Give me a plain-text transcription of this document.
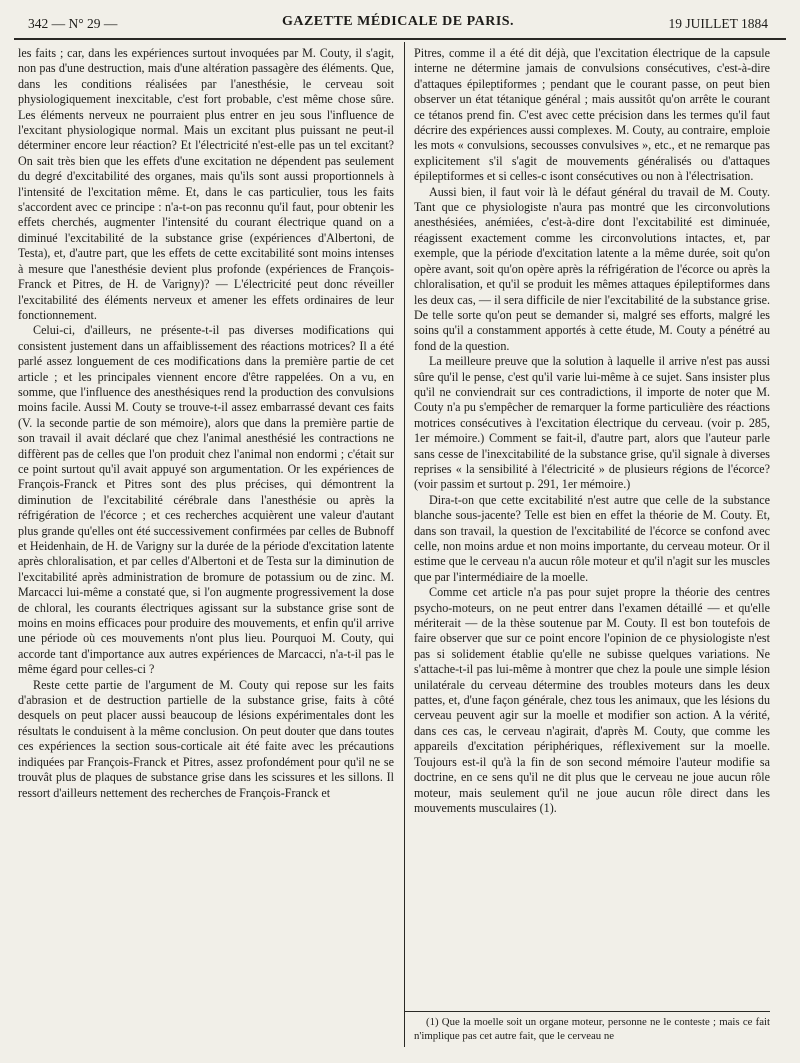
342 — N° 29 —	GAZETTE MÉDICALE DE PARIS.	19 JUILLET 1884

les faits ; car, dans les expériences surtout invoquées par M. Couty, il s'agit, non pas d'une destruction, mais d'une altération passagère des éléments. Que, dans les conditions réalisées par l'anesthésie, le cerveau soit physiologiquement inexcitable, c'est fort probable, c'est même chose sûre. Les éléments nerveux ne pourraient plus entrer en jeu sous l'influence de l'excitant physiologique normal. Mais un excitant plus puissant ne peut-il déterminer encore leur réaction? Et l'électricité n'est-elle pas un tel excitant? On sait très bien que les effets d'une excitation ne dépendent pas seulement du degré d'excitabilité des organes, mais qu'ils sont aussi proportionnels à l'intensité de l'excitation même. Et, dans le cas particulier, tous les faits s'accordent avec ce principe : n'a-t-on pas reconnu qu'il faut, pour obtenir les effets cherchés, augmenter l'intensité du courant électrique quand on a diminué l'excitabilité de la substance grise (expériences d'Albertoni, de Testa), et, d'autre part, que les effets de cette excitabilité sont moins intenses à mesure que l'anesthésie devient plus profonde (expériences de François-Franck et Pitres, de H. de Varigny)? — L'électricité peut donc réveiller l'excitabilité des éléments nerveux et amener les effets ordinaires de leur fonctionnement.

Celui-ci, d'ailleurs, ne présente-t-il pas diverses modifications qui consistent justement dans un affaiblissement des réactions motrices? Il a été parlé assez longuement de ces modifications dans la première partie de cet article ; et les principales viennent encore d'être rappelées. On a vu, en somme, que l'influence des anesthésiques rend la production des convulsions moins facile. Aussi M. Couty se trouve-t-il assez embarrassé devant ces faits (V. la seconde partie de son mémoire), alors que dans la première partie de son travail il avait déclaré que chez l'animal anesthésié les contractions ne diffèrent pas de celles que l'on produit chez l'animal non endormi ; c'était sur ce point surtout qu'il avait appuyé son argumentation. Or les expériences de François-Franck et Pitres sont des plus précises, qui démontrent la diminution de l'excitabilité cérébrale dans l'anesthésie ou après la réfrigération de l'écorce ; et ces recherches acquièrent une valeur d'autant plus grande qu'elles ont été successivement confirmées par celles de Bubnoff et Heidenhain, de H. de Varigny sur la durée de la période d'excitation latente après chloralisation, et par celles d'Albertoni et de Testa sur la diminution de l'excitabilité après administration de bromure de potassium ou de zinc. M. Marcacci lui-même a constaté que, si l'on augmente progressivement la dose de chloral, les courants électriques agissant sur la substance grise sont de moins en moins efficaces pour produire des mouvements, et enfin qu'il arrive une période où ces mouvements n'ont plus lieu. Pourquoi M. Couty, qui accorde tant d'importance aux autres expériences de Marcacci, n'a-t-il pas le même égard pour celles-ci ?

Reste cette partie de l'argument de M. Couty qui repose sur les faits d'abrasion et de destruction partielle de la substance grise, faits à côté desquels on peut placer aussi beaucoup de lésions expérimentales dont les résultats le conduisent à la même conclusion. On peut douter que dans toutes ces expériences la section sous-corticale ait été faite avec les précautions indiquées par François-Franck et Pitres, assez profondément pour qu'il ne se trouvât plus de plaques de substance grise dans les scissures et les sillons. Il ressort d'ailleurs nettement des recherches de François-Franck et

Pitres, comme il a été dit déjà, que l'excitation électrique de la capsule interne ne détermine jamais de convulsions consécutives, c'est-à-dire d'attaques épileptiformes ; pendant que le courant passe, on peut bien observer un état tétanique général ; mais aussitôt qu'on arrête le courant ce tétanos prend fin. C'est avec cette précision dans les termes qu'il faut décrire des expériences aussi complexes. M. Couty, au contraire, emploie les mots « convulsions, secousses convulsives », etc., et ne remarque pas explicitement s'il s'agit de mouvements généralisés ou d'attaques épileptiformes et si celles-c isont consécutives ou non à l'électrisation.

Aussi bien, il faut voir là le défaut général du travail de M. Couty. Tant que ce physiologiste n'aura pas montré que les circonvolutions anesthésiées, anémiées, c'est-à-dire dont l'excitabilité est diminuée, réagissent exactement comme les circonvolutions intactes, et, par exemple, que la période d'excitation latente a la même durée, soit qu'on opère avant, soit qu'on opère après la réfrigération de l'écorce ou après la chloralisation, et qu'il se produit les mêmes attaques épileptiformes dans les deux cas, — il sera difficile de nier l'excitabilité de la substance grise. De telle sorte qu'on peut se demander si, malgré ses efforts, malgré les soins qu'il a constamment apportés à cette étude, M. Couty a pénétré au fond de la question.

La meilleure preuve que la solution à laquelle il arrive n'est pas aussi sûre qu'il le pense, c'est qu'il varie lui-même à ce sujet. Sans insister plus qu'il ne conviendrait sur ces contradictions, il importe de noter que M. Couty n'a pu s'empêcher de remarquer la forme particulière des réactions motrices consécutives à l'excitation électrique du cerveau. (voir p. 285, 1er mémoire.) Comment se fait-il, d'autre part, alors que l'auteur parle sans cesse de l'inexcitabilité de la substance grise, qu'il signale à diverses reprises « la sensibilité à l'électricité » de plusieurs régions de l'écorce? (voir passim et surtout p. 291, 1er mémoire.)

Dira-t-on que cette excitabilité n'est autre que celle de la substance blanche sous-jacente? Telle est bien en effet la théorie de M. Couty. Et, dans son travail, la question de l'excitabilité de l'écorce se confond avec celle, non moins ardue et non moins importante, du cerveau moteur. Or il estime que le cerveau n'a aucun rôle moteur et qu'il n'agit sur les muscles que par l'intermédiaire de la moelle.

Comme cet article n'a pas pour sujet propre la théorie des centres psycho-moteurs, on ne peut entrer dans l'examen détaillé — et qu'elle mériterait — de la thèse soutenue par M. Couty. Il est bon toutefois de faire observer que sur ce point encore l'opinion de ce physiologiste n'est pas si solidement établie qu'elle ne subisse quelques variations. Ne s'attache-t-il pas lui-même à montrer que chez la poule une simple lésion unilatérale du cerveau détermine des troubles moteurs dans les deux pattes, et, d'une façon générale, chez tous les animaux, que les lésions du cerveau peuvent agir sur la moelle et modifier son action. A la vérité, dans ces cas, le cerveau n'agirait, d'après M. Couty, que comme les appareils d'excitation périphériques, réflexivement sur la moelle. Toujours est-il qu'à la fin de son second mémoire l'auteur modifie sa doctrine, en ce sens qu'il ne dit plus que le cerveau ne joue aucun rôle moteur, mais seulement qu'il ne joue aucun rôle direct dans les mouvements musculaires (1).

(1) Que la moelle soit un organe moteur, personne ne le conteste ; mais ce fait n'implique pas cet autre fait, que le cerveau ne
